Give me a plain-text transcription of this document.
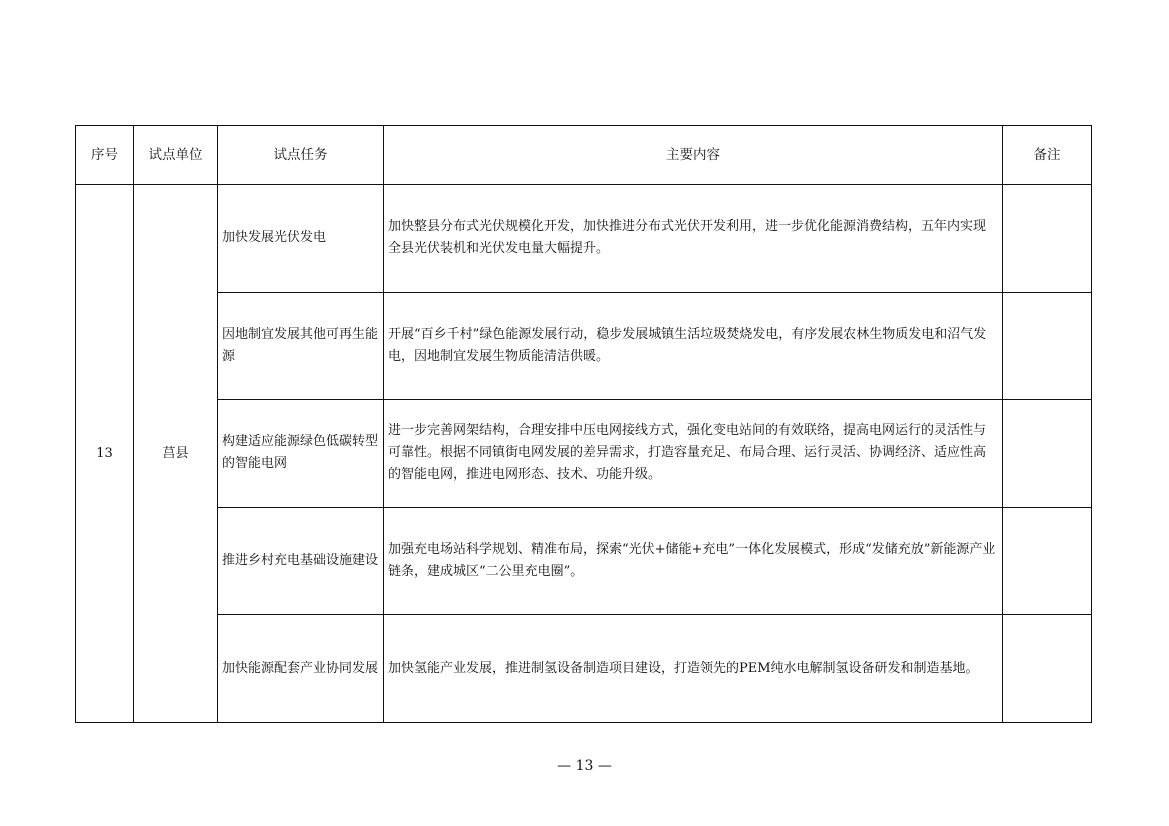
序号	试点单位	试点任务	主要内容	备注
13	莒县	加快发展光伏发电	加快整县分布式光伏规模化开发，加快推进分布式光伏开发利用，进一步优化能源消费结构，五年内实现全县光伏装机和光伏发电量大幅提升。	
		因地制宜发展其他可再生能源	开展“百乡千村”绿色能源发展行动，稳步发展城镇生活垃圾焚烧发电，有序发展农林生物质发电和沼气发电，因地制宜发展生物质能清洁供暖。	
		构建适应能源绿色低碳转型的智能电网	进一步完善网架结构，合理安排中压电网接线方式，强化变电站间的有效联络，提高电网运行的灵活性与可靠性。根据不同镇街电网发展的差异需求，打造容量充足、布局合理、运行灵活、协调经济、适应性高的智能电网，推进电网形态、技术、功能升级。	
		推进乡村充电基础设施建设	加强充电场站科学规划、精准布局，探索“光伏+储能+充电”一体化发展模式，形成“发储充放”新能源产业链条，建成城区“二公里充电圈”。	
		加快能源配套产业协同发展	加快氢能产业发展，推进制氢设备制造项目建设，打造领先的PEM纯水电解制氢设备研发和制造基地。	
— 13 —
